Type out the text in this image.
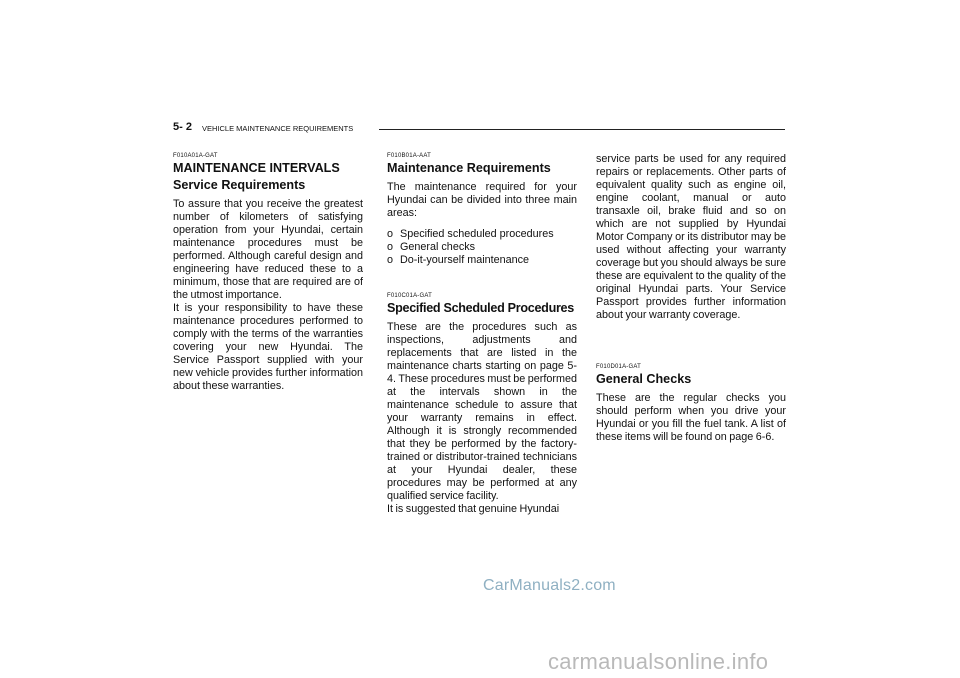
5- 2 VEHICLE MAINTENANCE REQUIREMENTS
F010A01A-GAT
MAINTENANCE INTERVALS
Service Requirements

To assure that you receive the greatest number of kilometers of satisfying operation from your Hyundai, certain maintenance procedures must be performed. Although careful design and engineering have reduced these to a minimum, those that are required are of the utmost importance.

It is your responsibility to have these maintenance procedures performed to comply with the terms of the warranties covering your new Hyundai. The Service Passport supplied with your new vehicle provides further information about these warranties.

F010B01A-AAT
Maintenance Requirements

The maintenance required for your Hyundai can be divided into three main areas:

o Specified scheduled procedures
o General checks
o Do-it-yourself maintenance
F010C01A-GAT
Specified Scheduled Procedures

These are the procedures such as inspections, adjustments and replacements that are listed in the maintenance charts starting on page 5-4. These procedures must be performed at the intervals shown in the maintenance schedule to assure that your warranty remains in effect. Although it is strongly recommended that they be performed by the factory-trained or distributor-trained technicians at your Hyundai dealer, these procedures may be performed at any qualified service facility.

It is suggested that genuine Hyundai

service parts be used for any required repairs or replacements. Other parts of equivalent quality such as engine oil, engine coolant, manual or auto transaxle oil, brake fluid and so on which are not supplied by Hyundai Motor Company or its distributor may be used without affecting your warranty coverage but you should always be sure these are equivalent to the quality of the original Hyundai parts. Your Service Passport provides further information about your warranty coverage.

F010D01A-GAT
General Checks

These are the regular checks you should perform when you drive your Hyundai or you fill the fuel tank. A list of these items will be found on page 6-6.

CarManuals2.com
carmanualsonline.info
